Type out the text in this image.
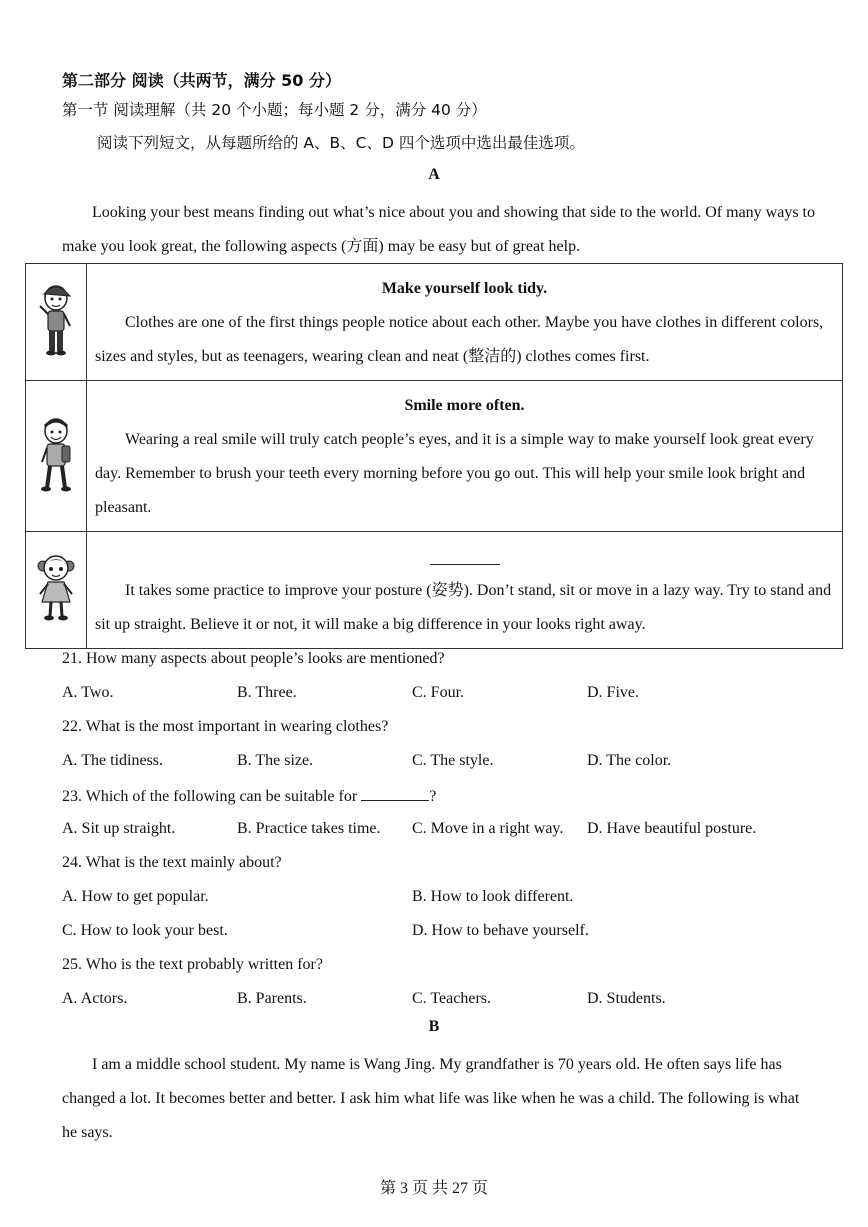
第二部分 阅读（共两节，满分 50 分）
第一节 阅读理解（共 20 个小题；每小题 2 分，满分 40 分）
阅读下列短文，从每题所给的 A、B、C、D 四个选项中选出最佳选项。
A
Looking your best means finding out what’s nice about you and showing that side to the world. Of many ways to make you look great, the following aspects (方面) may be easy but of great help.

Make yourself look tidy.
Clothes are one of the first things people notice about each other. Maybe you have clothes in different colors, sizes and styles, but as teenagers, wearing clean and neat (整洁的) clothes comes first.

Smile more often.
Wearing a real smile will truly catch people’s eyes, and it is a simple way to make yourself look great every day. Remember to brush your teeth every morning before you go out. This will help your smile look bright and pleasant.

It takes some practice to improve your posture (姿势). Don’t stand, sit or move in a lazy way. Try to stand and sit up straight. Believe it or not, it will make a big difference in your looks right away.
21. How many aspects about people’s looks are mentioned?
A. Two.	B. Three.	C. Four.	D. Five.
22. What is the most important in wearing clothes?
A. The tidiness.	B. The size.	C. The style.	D. The color.
23. Which of the following can be suitable for	?
A. Sit up straight.	B. Practice takes time. C. Move in a right way. D. Have beautiful posture.
24. What is the text mainly about?
A. How to get popular.	B. How to look different.
C. How to look your best.	D. How to behave yourself.
25. Who is the text probably written for?
A. Actors.	B. Parents.	C. Teachers.	D. Students.
B
I am a middle school student. My name is Wang Jing. My grandfather is 70 years old. He often says life has changed a lot. It becomes better and better. I ask him what life was like when he was a child. The following is what he says.
第 3 页 共 27 页
